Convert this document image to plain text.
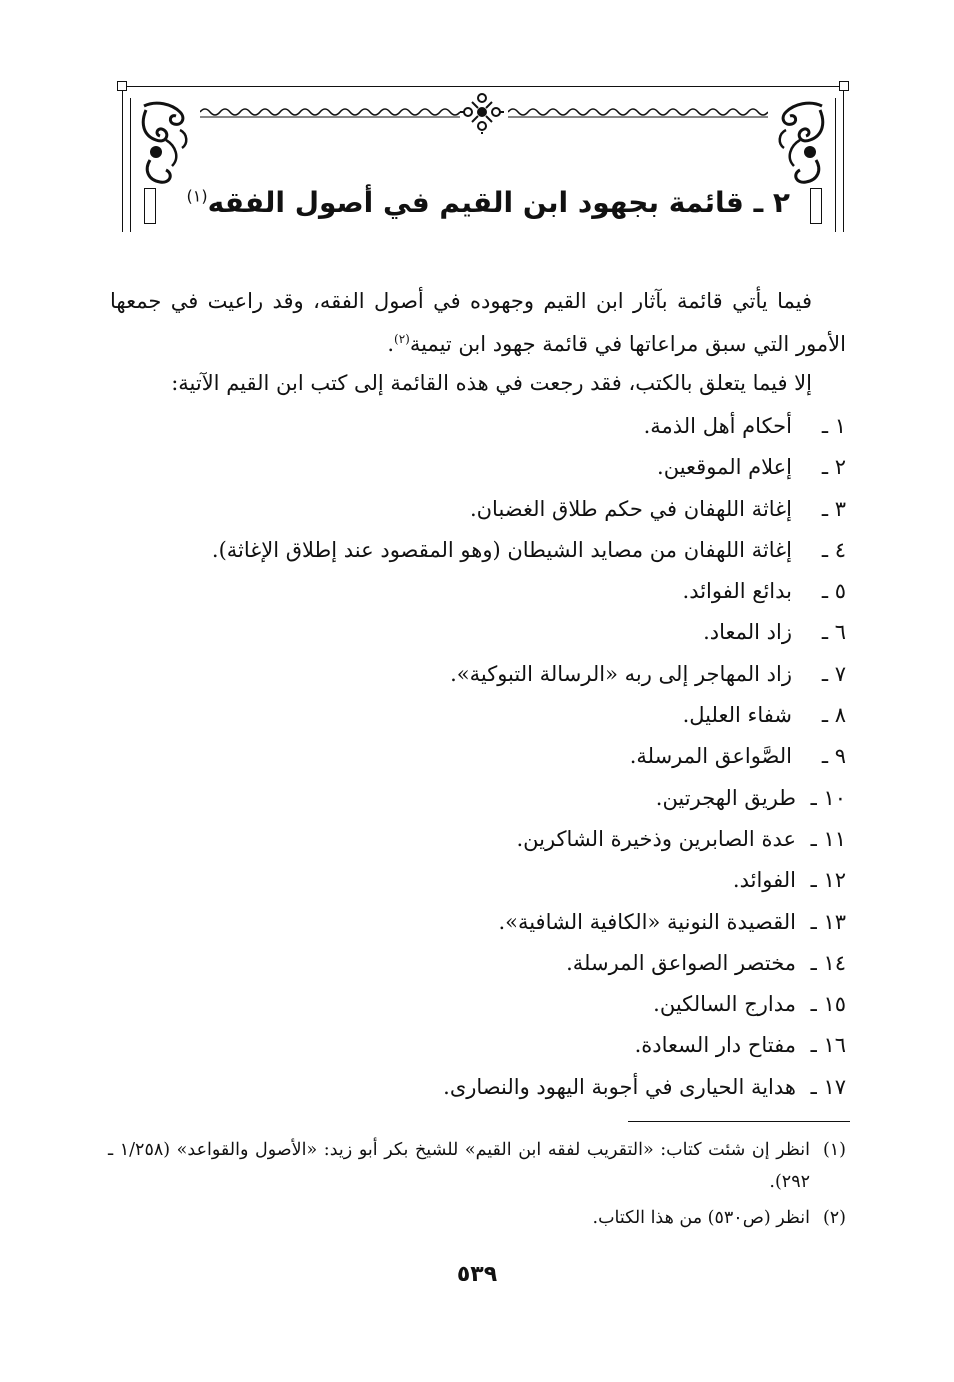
٢ ـ قائمة بجهود ابن القيم في أصول الفقه$^{(١)}$
فيما يأتي قائمة بآثار ابن القيم وجهوده في أصول الفقه، وقد راعيت في جمعها الأمور التي سبق مراعاتها في قائمة جهود ابن تيمية$^{(٢)}$.
إلا فيما يتعلق بالكتب، فقد رجعت في هذه القائمة إلى كتب ابن القيم الآتية:
١ ـأحكام أهل الذمة.
٢ ـإعلام الموقعين.
٣ ـإغاثة اللهفان في حكم طلاق الغضبان.
٤ ـإغاثة اللهفان من مصايد الشيطان (وهو المقصود عند إطلاق الإغاثة).
٥ ـبدائع الفوائد.
٦ ـزاد المعاد.
٧ ـزاد المهاجر إلى ربه «الرسالة التبوكية».
٨ ـشفاء العليل.
٩ ـالصَّواعق المرسلة.
١٠ ـطريق الهجرتين.
١١ ـعدة الصابرين وذخيرة الشاكرين.
١٢ ـالفوائد.
١٣ ـالقصيدة النونية «الكافية الشافية».
١٤ ـمختصر الصواعق المرسلة.
١٥ ـمدارج السالكين.
١٦ ـمفتاح دار السعادة.
١٧ ـهداية الحيارى في أجوبة اليهود والنصارى.
(١)
انظر إن شئت كتاب: «التقريب لفقه ابن القيم» للشيخ بكر أبو زيد: «الأصول والقواعد» (١/٢٥٨ ـ ٢٩٢).
(٢)
انظر (ص٥٣٠) من هذا الكتاب.
٥٣٩
